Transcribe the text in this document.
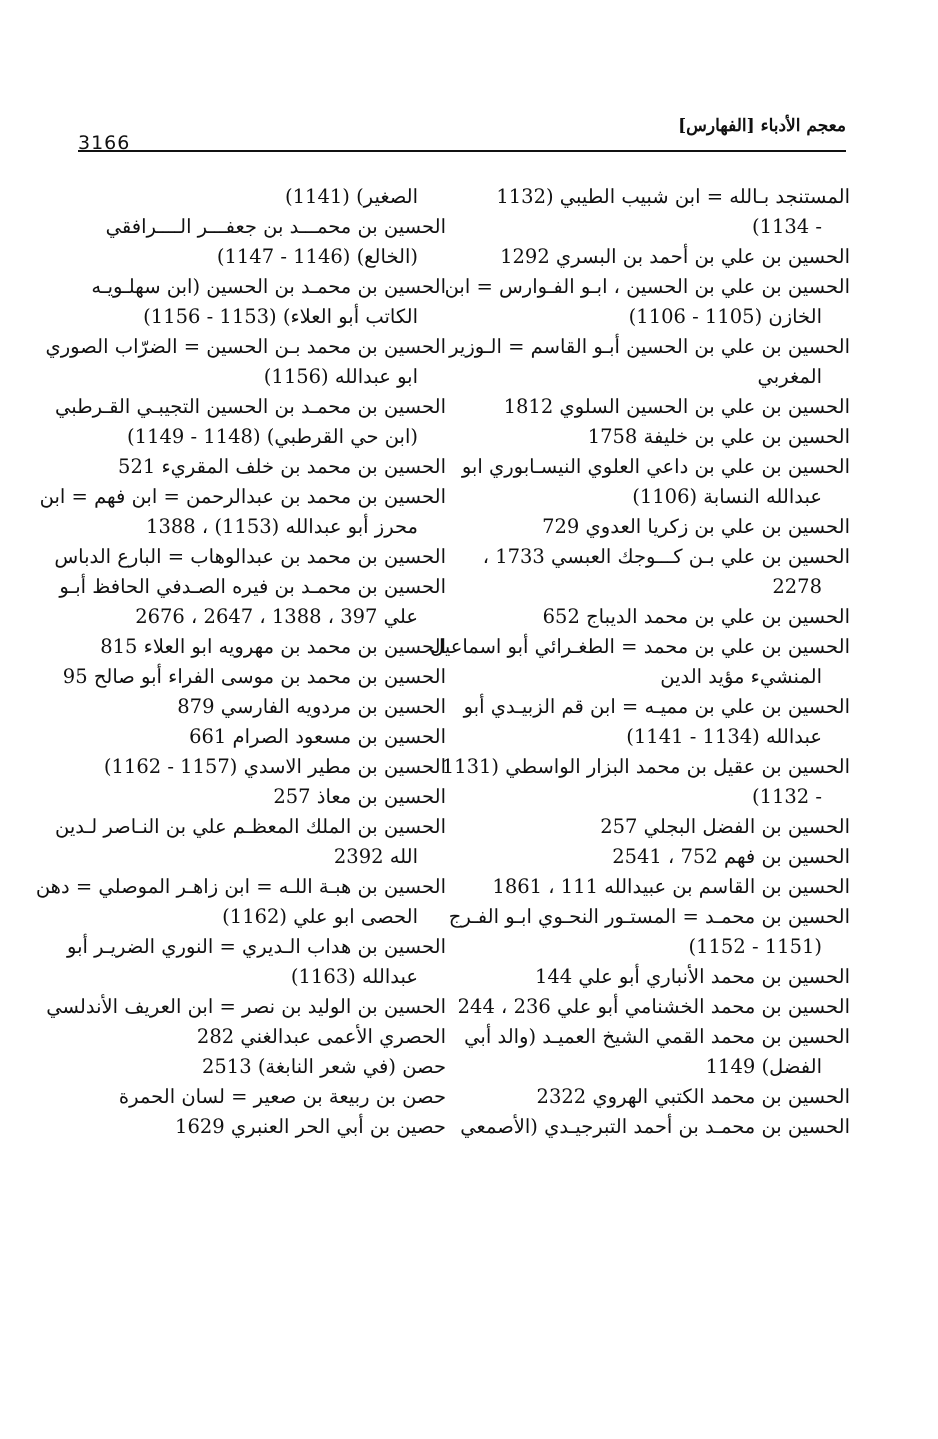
3166
معجم الأدباء [الفهارس]
المستنجد بـالله = ابن شبيب الطيبي (1132
- 1134)
الحسين بن علي بن أحمد بن البسري 1292
الحسين بن علي بن الحسين ، ابـو الفـوارس = ابن
الخازن (1105 - 1106)
الحسين بن علي بن الحسين أبـو القاسم = الـوزير
المغربي
الحسين بن علي بن الحسين السلوي 1812
الحسين بن علي بن خليفة 1758
الحسين بن علي بن داعي العلوي النيسـابوري ابو
عبدالله النسابة (1106)
الحسين بن علي بن زكريا العدوي 729
الحسين بن علي بـن كـــوجك العبسي 1733 ،
2278
الحسين بن علي بن محمد الديباج 652
الحسين بن علي بن محمد = الطغـرائي أبو اسماعيل
المنشيء مؤيد الدين
الحسين بن علي بن مميـه = ابن قم الزبيـدي أبو
عبدالله (1134 - 1141)
الحسين بن عقيل بن محمد البزار الواسطي (1131
- 1132)
الحسين بن الفضل البجلي 257
الحسين بن فهم 752 ، 2541
الحسين بن القاسم بن عبيدالله 111 ، 1861
الحسين بن محمـد = المستـور النحـوي ابـو الفـرج
(1151 - 1152)
الحسين بن محمد الأنباري أبو علي 144
الحسين بن محمد الخشنامي أبو علي 236 ، 244
الحسين بن محمد القمي الشيخ العميـد (والد أبي
الفضل) 1149
الحسين بن محمد الكتبي الهروي 2322
الحسين بن محمـد بن أحمد التبرجيـدي (الأصمعي
الصغير) (1141)
الحسين بن محمـــد بن جعفـــر الــــرافقي
(الخالع) (1146 - 1147)
الحسين بن محمـد بن الحسين (ابن سهلـويـه
الكاتب أبو العلاء) (1153 - 1156)
الحسين بن محمد بـن الحسين = الضرّاب الصوري
ابو عبدالله (1156)
الحسين بن محمـد بن الحسين التجيبـي القـرطبي
(ابن حي القرطبي) (1148 - 1149)
الحسين بن محمد بن خلف المقريء 521
الحسين بن محمد بن عبدالرحمن = ابن فهم = ابن
محرز أبو عبدالله (1153) ، 1388
الحسين بن محمد بن عبدالوهاب = البارع الدباس
الحسين بن محمـد بن فيره الصـدفي الحافظ أبـو
علي 397 ، 1388 ، 2647 ، 2676
الحسين بن محمد بن مهرويه ابو العلاء 815
الحسين بن محمد بن موسى الفراء أبو صالح 95
الحسين بن مردويه الفارسي 879
الحسين بن مسعود الصرام 661
الحسين بن مطير الاسدي (1157 - 1162)
الحسين بن معاذ 257
الحسين بن الملك المعظـم علي بن النـاصر لـدين
الله 2392
الحسين بن هبـة اللـه = ابن زاهـر الموصلي = دهن
الحصى ابو علي (1162)
الحسين بن هداب الـديري = النوري الضريـر أبو
عبدالله (1163)
الحسين بن الوليد بن نصر = ابن العريف الأندلسي
الحصري الأعمى عبدالغني 282
حصن (في شعر النابغة) 2513
حصن بن ربيعة بن صعير = لسان الحمرة
حصين بن أبي الحر العنبري 1629
